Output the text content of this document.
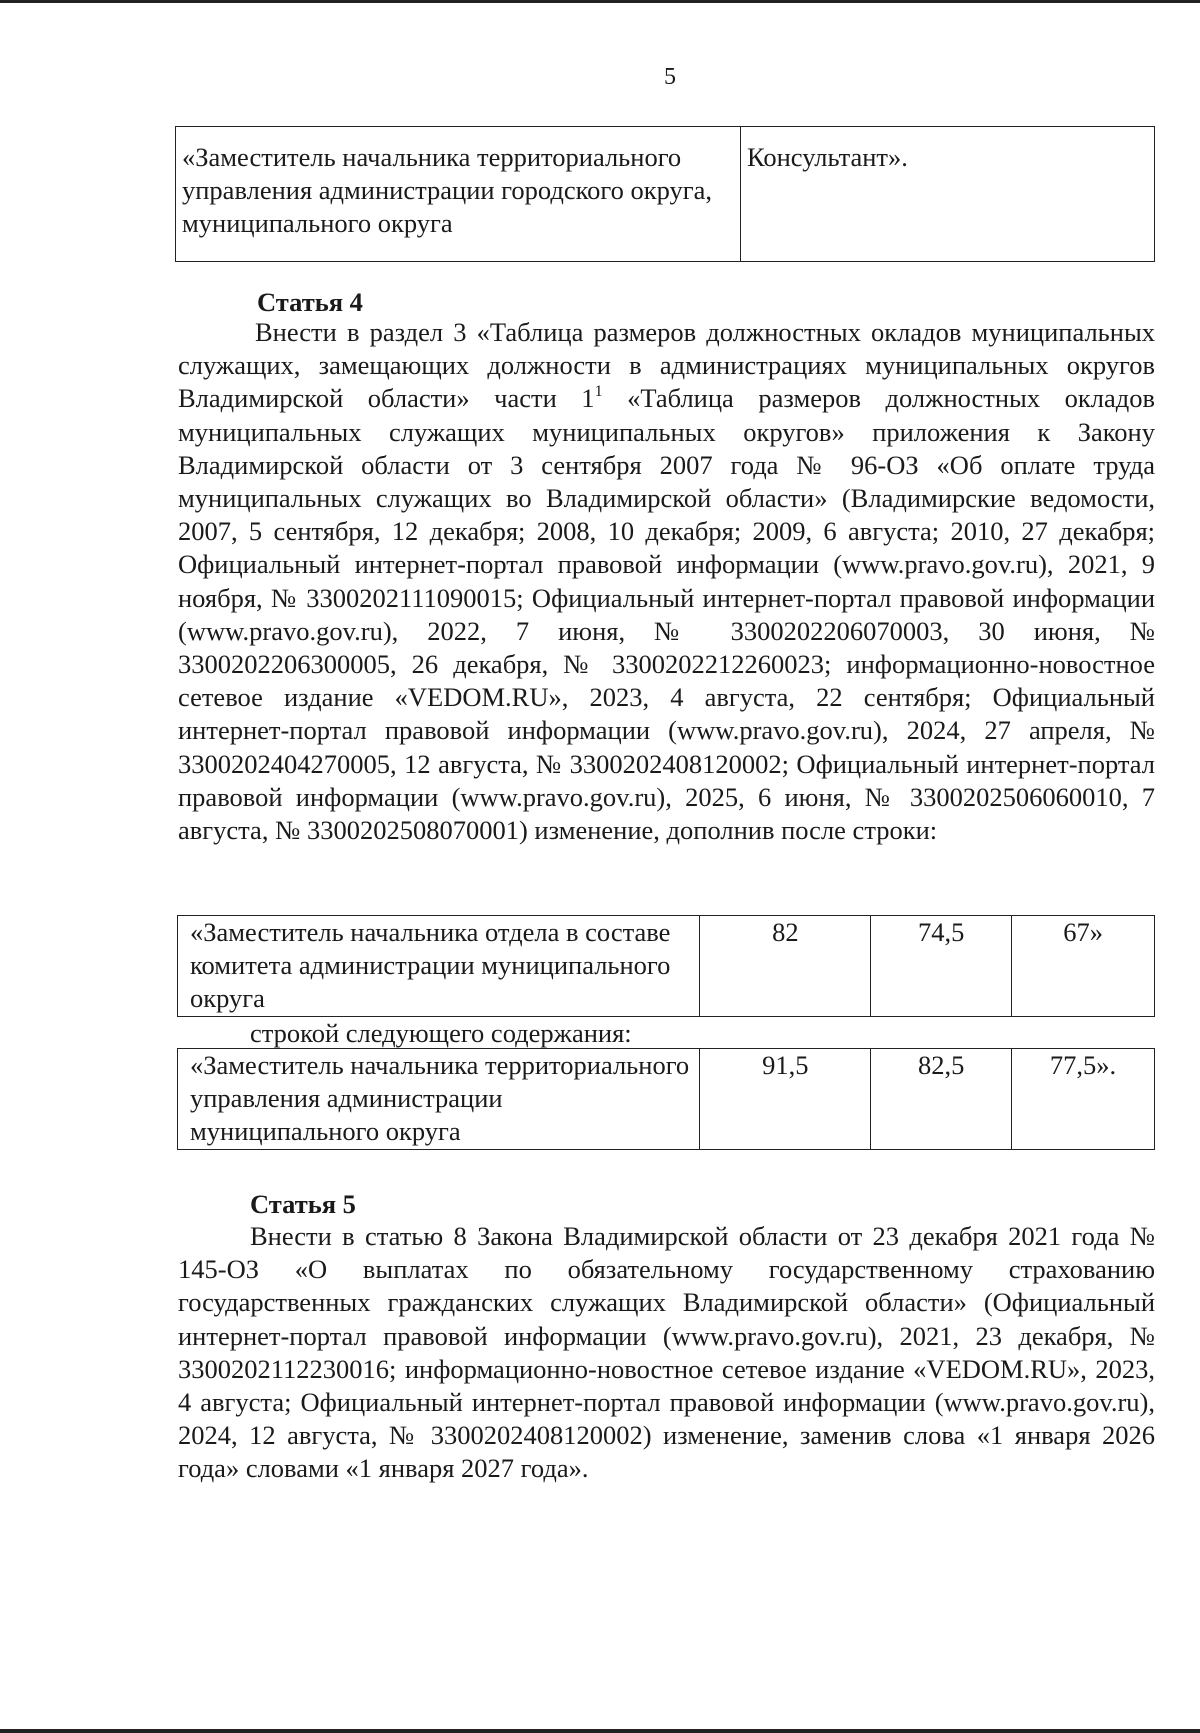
5
«Заместитель начальника территориального управления администрации городского округа, муниципального округа	Консультант».
Статья 4

Внести в раздел 3 «Таблица размеров должностных окладов муниципальных служащих, замещающих должности в администрациях муниципальных округов Владимирской области» части $1^1$ «Таблица размеров должностных окладов муниципальных служащих муниципальных округов» приложения к Закону Владимирской области от 3 сентября 2007 года № 96-ОЗ «Об оплате труда муниципальных служащих во Владимирской области» (Владимирские ведомости, 2007, 5 сентября, 12 декабря; 2008, 10 декабря; 2009, 6 августа; 2010, 27 декабря; Официальный интернет-портал правовой информации (www.pravo.gov.ru), 2021, 9 ноября, № 3300202111090015; Официальный интернет-портал правовой информации (www.pravo.gov.ru), 2022, 7 июня, № 3300202206070003, 30 июня, № 3300202206300005, 26 декабря, № 3300202212260023; информационно-новостное сетевое издание «VEDOM.RU», 2023, 4 августа, 22 сентября; Официальный интернет-портал правовой информации (www.pravo.gov.ru), 2024, 27 апреля, № 3300202404270005, 12 августа, № 3300202408120002; Официальный интернет-портал правовой информации (www.pravo.gov.ru), 2025, 6 июня, № 3300202506060010, 7 августа, № 3300202508070001) изменение, дополнив после строки:

«Заместитель начальника отдела в составе комитета администрации муниципального округа	82	74,5	67»
строкой следующего содержания:
«Заместитель начальника территориального управления администрации муниципального округа	91,5	82,5	77,5».
Статья 5

Внести в статью 8 Закона Владимирской области от 23 декабря 2021 года № 145-ОЗ «О выплатах по обязательному государственному страхованию государственных гражданских служащих Владимирской области» (Официальный интернет-портал правовой информации (www.pravo.gov.ru), 2021, 23 декабря, № 3300202112230016; информационно-новостное сетевое издание «VEDOM.RU», 2023, 4 августа; Официальный интернет-портал правовой информации (www.pravo.gov.ru), 2024, 12 августа, № 3300202408120002) изменение, заменив слова «1 января 2026 года» словами «1 января 2027 года».
